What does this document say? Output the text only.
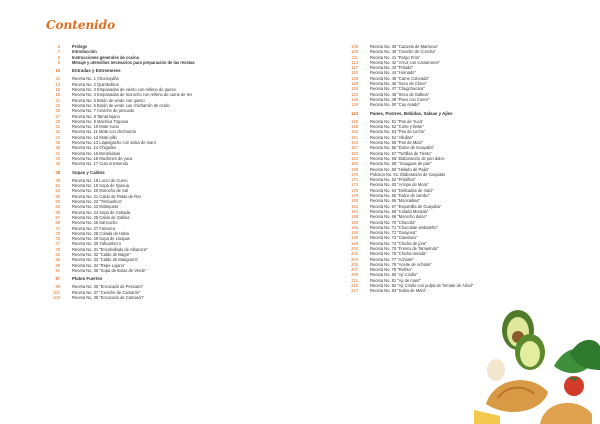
Contenido
6	Prólogo
7	Introducción
8	Instrucciones generales de cocina
5	Menaje y utensilios necesarios para preparación de las recetas
10	Entradas y Entremeses
11	Receta No. 1 Chocloyaña
13	Receta No. 2 Quimbolitos
15	Receta No. 3 Empanadas de viento con relleno de queso
19	Receta No. 4 Empanadas de morocho con relleno de carne de res
21	Receta No. 5 Bolón de verde con queso
23	Receta No. 6 Bolón de verde con chicharrón de cerdo
25	Receta No. 7 Ceviche de pescado
27	Receta No. 8 Tamal lojano
28	Receta No. 9 Máchica Traposa
31	Receta No. 10 Mote sucio
32	Receta No. 11 Mote con chicharrón
34	Receta No. 12 Mote pillo
36	Receta No. 13 Llapingacho con salsa de maní
39	Receta No. 14 Chigüiles
41	Receta No. 15 Bonitísimas
43	Receta No. 16 Muchines de yuca
45	Receta No. 17 Cuto ensmendo
48	Sopas y Caldos
49	Receta No. 18 Locro de Cuero
52	Receta No. 19 Sopa de Quinua
54	Receta No. 20 Morocho de Sal
56	Receta No. 21 Caldo de Patas de Res
59	Receta No. 22 "Timbushca"
62	Receta No. 23 Molequeta
65	Receta No. 24 Sopa de Cebada
67	Receta No. 25 Caldo de Gallina
69	Receta No. 26 Sancocho
71	Receta No. 27 Fanesca
73	Receta No. 28 Colada de Haba
75	Receta No. 29 Sopa de Lluspas
77	Receta No. 30 Yahuarlocro
79	Receta No. 31 "Encebollado de Albacora"
82	Receta No. 32 "Caldo de Bagre"
85	Receta No. 33 "Caldo de Manguera"
88	Receta No. 34 "Repe Lojano"
91	Receta No. 35 "Sopa de Bolas de Verde"
97	Platos Fuertes
99	Receta No. 36 "Encocado de Pescado"
101	Receta No. 37 "Ceviche de Camarón"
103	Receta No. 38 "Encocado de Camarón"
105	Receta No. 39 "Cazuela de Mariscos"
108	Receta No. 40 "Ceviche de Concha"
111	Receta No. 41 "Pargo Frito"
114	Receta No. 42 "Arroz con Camarones"
117	Receta No. 43 "Fritada"
120	Receta No. 44 "Hornado"
125	Receta No. 45 "Carne Colorada"
128	Receta No. 46 "Seco de Chivo"
130	Receta No. 47 "Chugchucara"
133	Receta No. 48 "Seco de Gallina"
136	Receta No. 49 "Pavo con Cuero"
139	Receta No. 50 "Cuy Asado"
144	Panes, Postres, Bebidas, Salsas y Ajíes
145	Receta No. 51 "Pan de Yuca"
148	Receta No. 52 "Corte y bebe"
150	Receta No. 53 "Pan de Leche"
151	Receta No. 54 "Allullas"
154	Receta No. 55 "Pan de Maíz"
157	Receta No. 56 "Dulce de Guayaba"
160	Receta No. 57 "Tortillas de Tiesto"
163	Receta No. 58: Elaboración de pan dulce
165	Receta No. 59: "Guaguas de pan"
168	Receta No. 60 "Helado de Paila"
170	Práctica No. 61: Elaboración de rosquitas
171	Receta No. 62 "Pristiños"
173	Receta No. 63 "Arrope de Mora"
176	Receta No. 64 "Delicadas de maíz"
178	Receta No. 65 "Dulce de zambo"
180	Receta No. 66 "Moncaibas"
182	Receta No. 67 "Espumilla de Guayaba"
184	Receta No. 68 "Colada Morada"
188	Receta No. 69 "Morocho dulce"
190	Receta No. 70 "Chuccila"
192	Receta No. 71 "Chocolate ambateño"
195	Receta No. 72 "Guayusa"
196	Receta No. 73 "Canelazo"
198	Receta No. 74 "Chicha de jora"
200	Receta No. 75 "Fresco de Tamarindo"
202	Receta No. 76 "Chicha mirada"
204	Receta No. 77 "Achiote"
205	Receta No. 78 "Aceite de Achiote"
207	Receta No. 79 "Refrito"
209	Receta No. 80 "Ají Criollo"
211	Receta No. 81 "Ají de maní"
215	Receta No. 82 "Ají Criollo con pulpa de Tomate de Árbol"
217	Receta No. 83 "Salsa de Maní"
